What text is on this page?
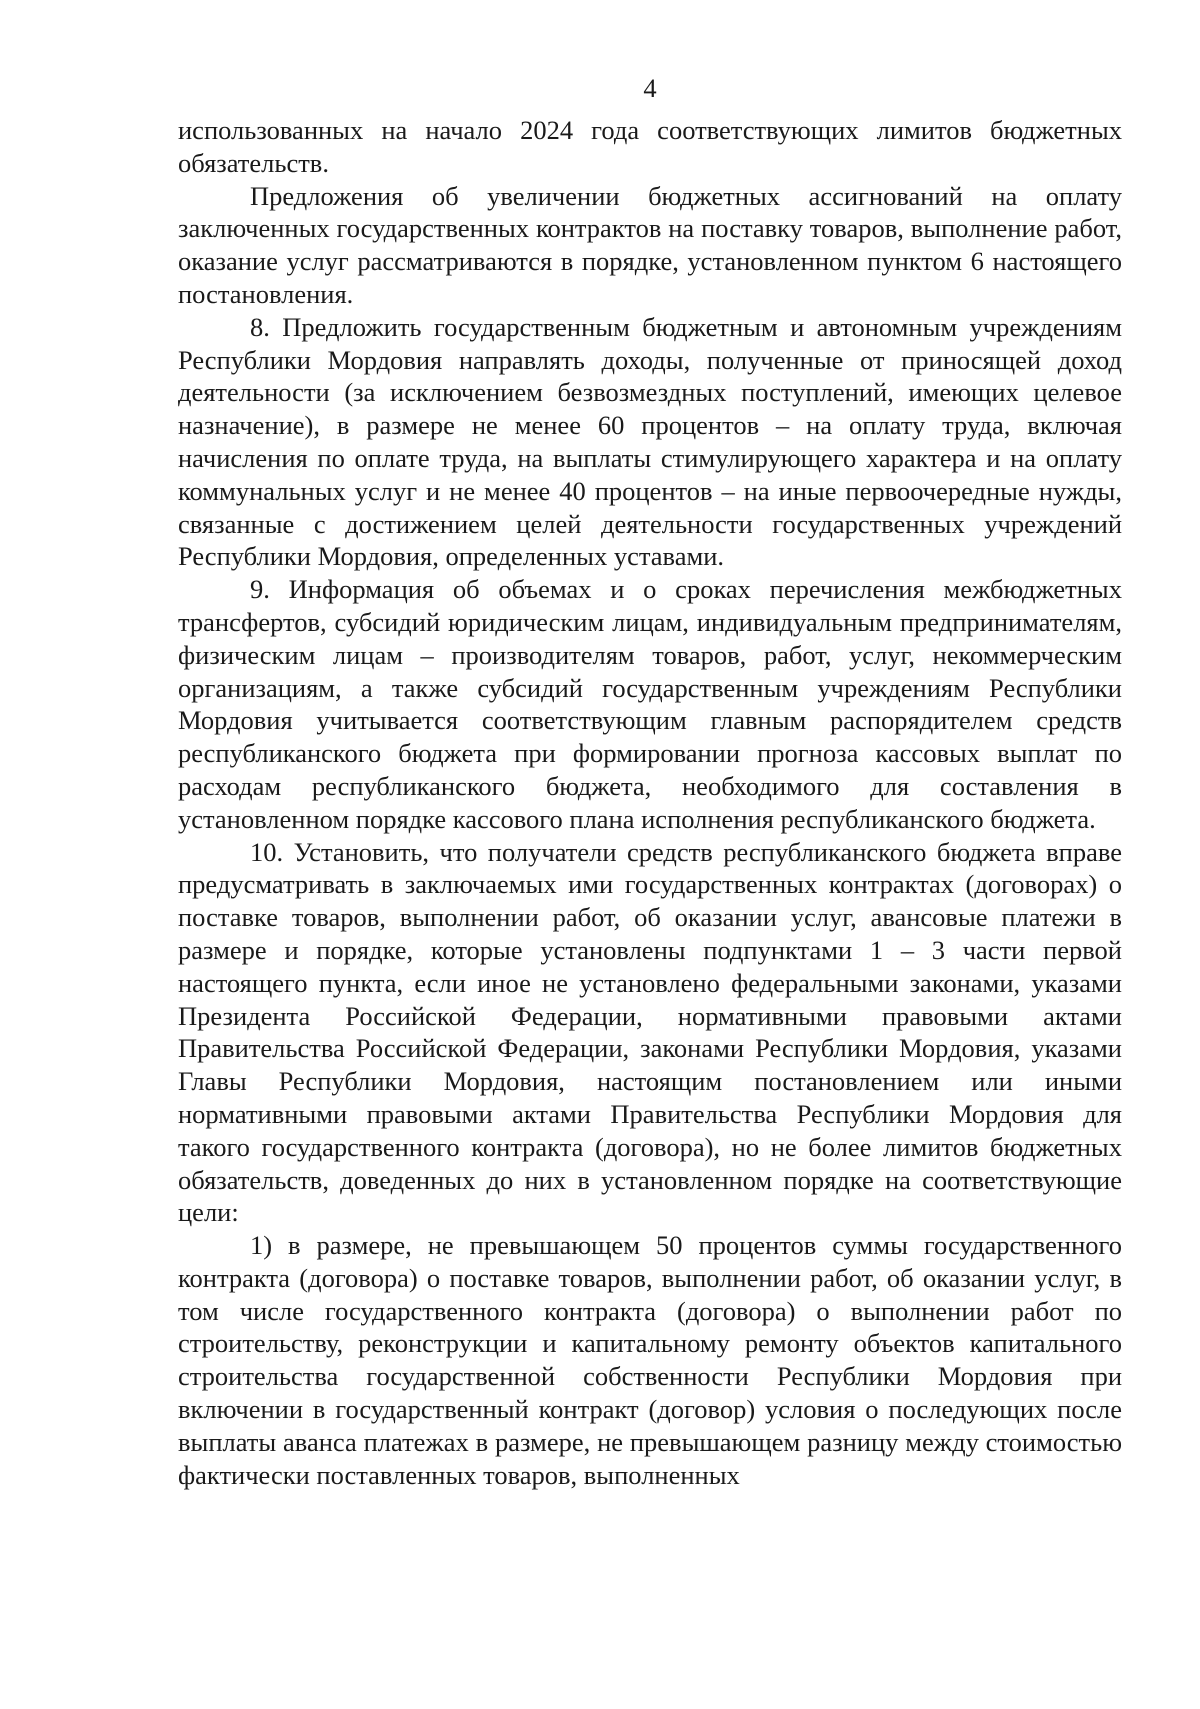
4

использованных на начало 2024 года соответствующих лимитов бюджетных обязательств.

Предложения об увеличении бюджетных ассигнований на оплату заключенных государственных контрактов на поставку товаров, выполнение работ, оказание услуг рассматриваются в порядке, установленном пунктом 6 настоящего постановления.

8. Предложить государственным бюджетным и автономным учреждениям Республики Мордовия направлять доходы, полученные от приносящей доход деятельности (за исключением безвозмездных поступлений, имеющих целевое назначение), в размере не менее 60 процентов – на оплату труда, включая начисления по оплате труда, на выплаты стимулирующего характера и на оплату коммунальных услуг и не менее 40 процентов – на иные первоочередные нужды, связанные с достижением целей деятельности государственных учреждений Республики Мордовия, определенных уставами.

9. Информация об объемах и о сроках перечисления межбюджетных трансфертов, субсидий юридическим лицам, индивидуальным предпринимателям, физическим лицам – производителям товаров, работ, услуг, некоммерческим организациям, а также субсидий государственным учреждениям Республики Мордовия учитывается соответствующим главным распорядителем средств республиканского бюджета при формировании прогноза кассовых выплат по расходам республиканского бюджета, необходимого для составления в установленном порядке кассового плана исполнения республиканского бюджета.

10. Установить, что получатели средств республиканского бюджета вправе предусматривать в заключаемых ими государственных контрактах (договорах) о поставке товаров, выполнении работ, об оказании услуг, авансовые платежи в размере и порядке, которые установлены подпунктами 1 – 3 части первой настоящего пункта, если иное не установлено федеральными законами, указами Президента Российской Федерации, нормативными правовыми актами Правительства Российской Федерации, законами Республики Мордовия, указами Главы Республики Мордовия, настоящим постановлением или иными нормативными правовыми актами Правительства Республики Мордовия для такого государственного контракта (договора), но не более лимитов бюджетных обязательств, доведенных до них в установленном порядке на соответствующие цели:

1) в размере, не превышающем 50 процентов суммы государственного контракта (договора) о поставке товаров, выполнении работ, об оказании услуг, в том числе государственного контракта (договора) о выполнении работ по строительству, реконструкции и капитальному ремонту объектов капитального строительства государственной собственности Республики Мордовия при включении в государственный контракт (договор) условия о последующих после выплаты аванса платежах в размере, не превышающем разницу между стоимостью фактически поставленных товаров, выполненных
